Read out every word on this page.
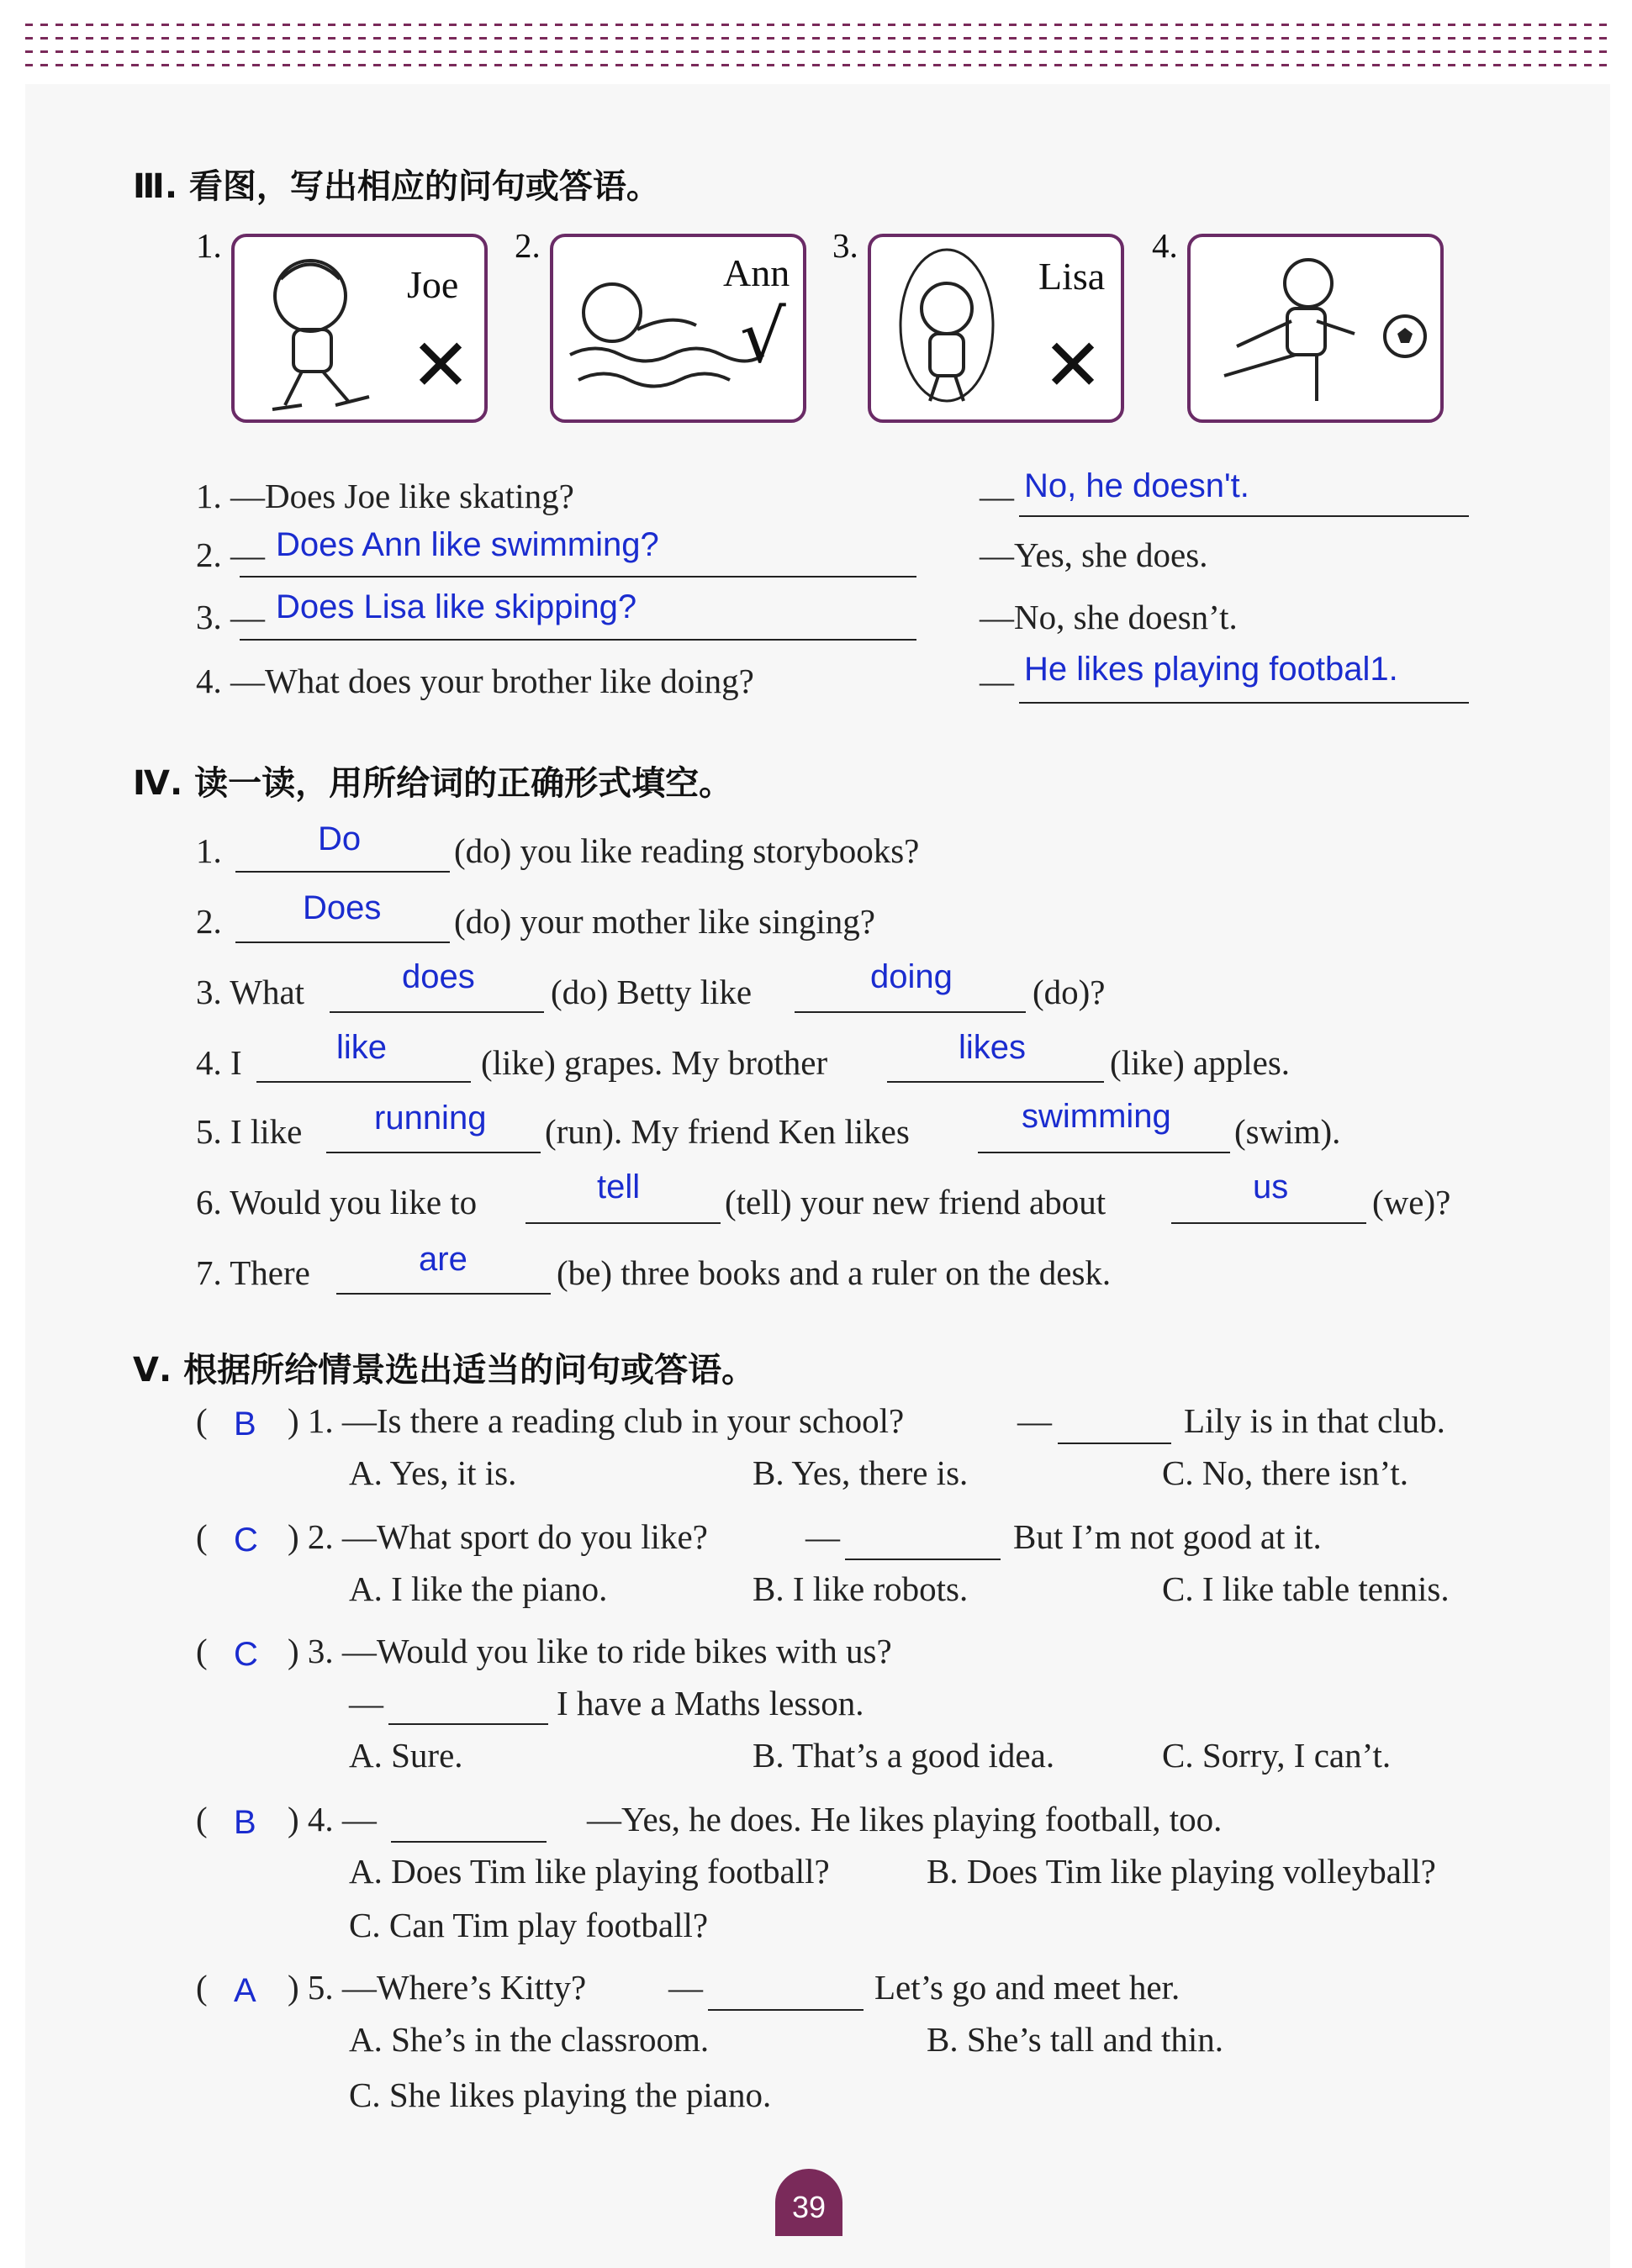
Ⅲ. 看图，写出相应的问句或答语。
1.
Joe
✕
2.
Ann
√
3.
Lisa
✕
4.
1. —Does Joe like skating?	— No, he doesn't.
2. — Does Ann like swimming?	—Yes, she does.
3. — Does Lisa like skipping?	—No, she doesn’t.
4. —What does your brother like doing?	— He likes playing footbal1.
Ⅳ. 读一读，用所给词的正确形式填空。
1.	Do	(do) you like reading storybooks?
2. Does (do) your mother like singing?
3. What	does (do) Betty like	doing (do)?
4. I	like	(like) grapes. My brother	likes (like) apples.
5. I like running (run). My friend Ken likes	swimming (swim).
6. Would you like to	tell (tell) your new friend about	us (we)?
7. There	are	(be) three books and a ruler on the desk.
Ⅴ. 根据所给情景选出适当的问句或答语。
( B ) 1. —Is there a reading club in your school?	—	Lily is in that club.
A. Yes, it is.	B. Yes, there is.	C. No, there isn’t.
( C ) 2. —What sport do you like?	—	But I’m not good at it.
A. I like the piano.	B. I like robots.	C. I like table tennis.
( C ) 3. —Would you like to ride bikes with us?
—	I have a Maths lesson.
A. Sure.	B. That’s a good idea.	C. Sorry, I can’t.
( B ) 4. —	—Yes, he does. He likes playing football, too.
A. Does Tim like playing football?	B. Does Tim like playing volleyball?
C. Can Tim play football?
( A ) 5. —Where’s Kitty? —	Let’s go and meet her.
A. She’s in the classroom.	B. She’s tall and thin.
C. She likes playing the piano.
39
